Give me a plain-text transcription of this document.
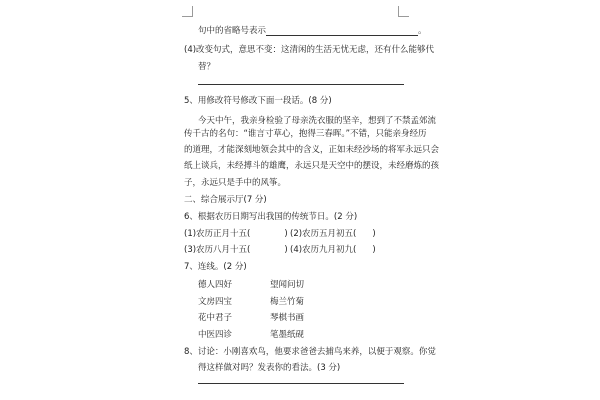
句中的省略号表示	。
(4)改变句式，意思不变：这清闲的生活无忧无虑，还有什么能够代
替？
5、用修改符号修改下面一段话。(8 分)
今天中午，我亲身检验了母亲洗衣服的坚辛，想到了不禁孟郊流
传千古的名句：“谁言寸草心，抱得三春晖。”不错，只能亲身经历
的道理，才能深刻地领会其中的含义，正如未经沙场的将军永远只会
纸上谈兵，未经搏斗的雄鹰，永远只是天空中的摆设，未经磨炼的孩
子，永远只是手中的风筝。
二、综合展示厅(7 分)
6、根据农历日期写出我国的传统节日。(2 分)
(1)农历正月十五(	) (2)农历五月初五( )
(3)农历八月十五(	) (4)农历九月初九( )
7、连线。(2 分)
德人四好	望闻问切
文房四宝	梅兰竹菊
花中君子	琴棋书画
中医四诊	笔墨纸砚
8、讨论：小刚喜欢鸟，他要求爸爸去捕鸟来养，以便于观察。你觉
得这样做对吗？发表你的看法。(3 分)
